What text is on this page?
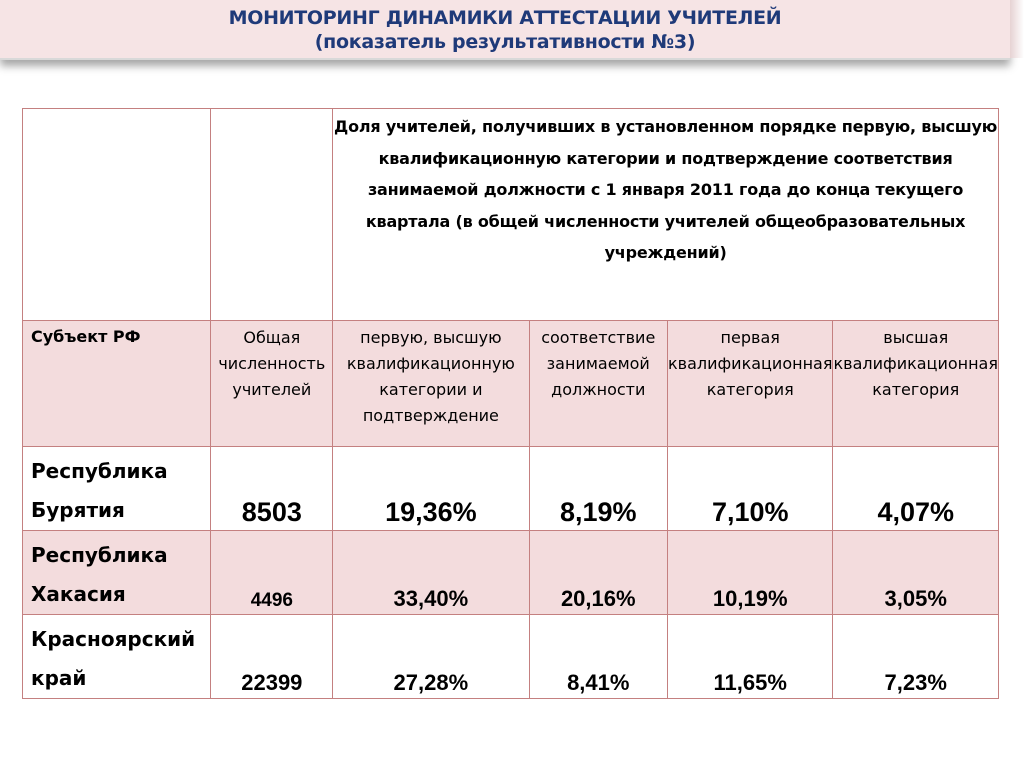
МОНИТОРИНГ ДИНАМИКИ АТТЕСТАЦИИ УЧИТЕЛЕЙ
(показатель результативности №3)
		Доля учителей, получивших в установленном порядке первую, высшую квалификационную категории и подтверждение соответствия занимаемой должности с 1 января 2011 года до конца текущего квартала (в общей численности учителей общеобразовательных учреждений)			
Субъект РФ	Общая численность учителей	первую, высшую квалификационную категории и подтверждение	соответствие занимаемой должности	первая квалификационная категория	высшая квалификационная категория
Республика Бурятия	8503	19,36%	8,19%	7,10%	4,07%
Республика Хакасия	4496	33,40%	20,16%	10,19%	3,05%
Красноярский край	22399	27,28%	8,41%	11,65%	7,23%
